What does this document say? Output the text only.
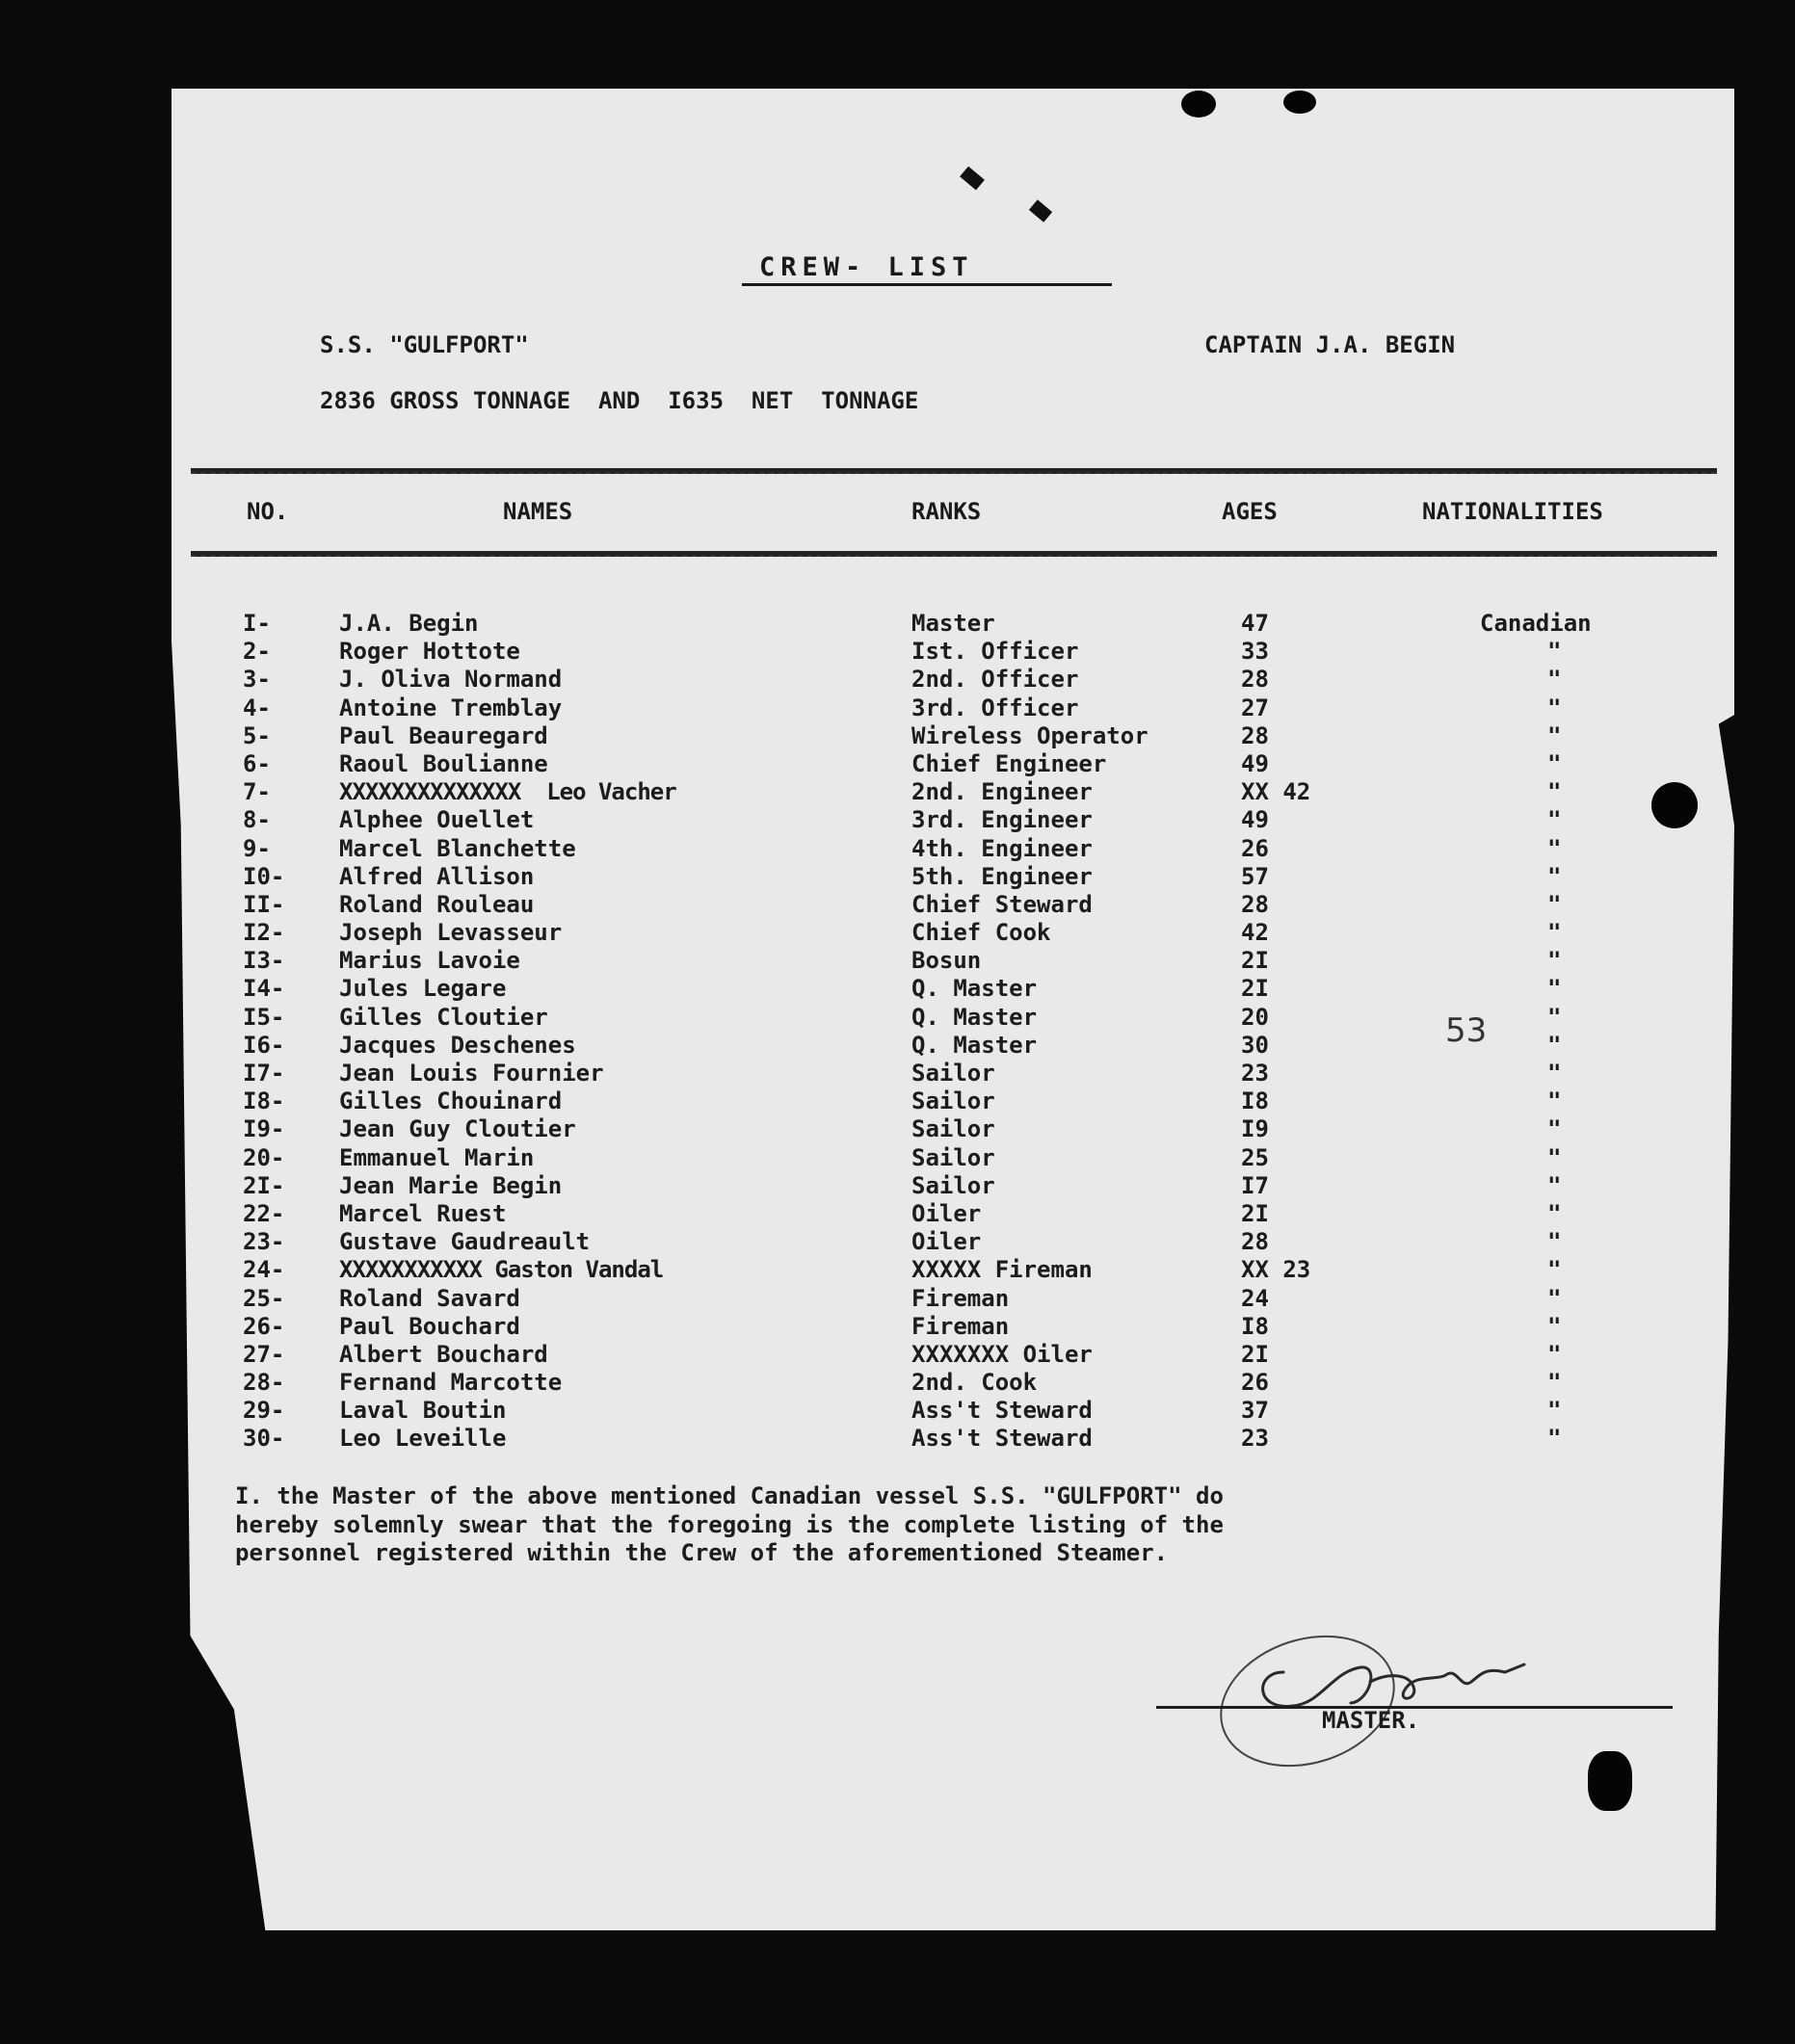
CREW- LIST
S.S. "GULFPORT"	CAPTAIN J.A. BEGIN
2836 GROSS TONNAGE  AND  I635  NET  TONNAGE
NO.	NAMES	RANKS	AGES	NATIONALITIES
I-	J.A. Begin	Master	47	Canadian
2-	Roger Hottote	Ist. Officer	33	"
3-	J. Oliva Normand	2nd. Officer	28	"
4-	Antoine Tremblay	3rd. Officer	27	"
5-	Paul Beauregard	Wireless Operator	28	"
6-	Raoul Boulianne	Chief Engineer	49	"
7-	XXXXXXXXXXXXXX  Leo Vacher	2nd. Engineer	XX 42	"
8-	Alphee Ouellet	3rd. Engineer	49	"
9-	Marcel Blanchette	4th. Engineer	26	"
I0- Alfred Allison	5th. Engineer	57	"
II- Roland Rouleau	Chief Steward	28	"
I2- Joseph Levasseur	Chief Cook	42	"
I3- Marius Lavoie	Bosun	2I	"
I4- Jules Legare	Q. Master	2I	"
I5- Gilles Cloutier	Q. Master	20	"
I6- Jacques Deschenes	Q. Master	30	"
I7- Jean Louis Fournier	Sailor	23	"
I8- Gilles Chouinard	Sailor	I8	"
I9- Jean Guy Cloutier	Sailor	I9	"
20- Emmanuel Marin	Sailor	25	"
2I- Jean Marie Begin	Sailor	I7	"
22- Marcel Ruest	Oiler	2I	"
23- Gustave Gaudreault	Oiler	28	"
24- XXXXXXXXXXX Gaston Vandal	XXXXX Fireman	XX 23	"
25- Roland Savard	Fireman	24	"
26- Paul Bouchard	Fireman	I8	"
27- Albert Bouchard	XXXXXXX Oiler	2I	"
28- Fernand Marcotte	2nd. Cook	26	"
29- Laval Boutin	Ass't Steward	37	"
30- Leo Leveille	Ass't Steward	23	"
53
I. the Master of the above mentioned Canadian vessel S.S. "GULFPORT" do
hereby solemnly swear that the foregoing is the complete listing of the
personnel registered within the Crew of the aforementioned Steamer.
MASTER.
